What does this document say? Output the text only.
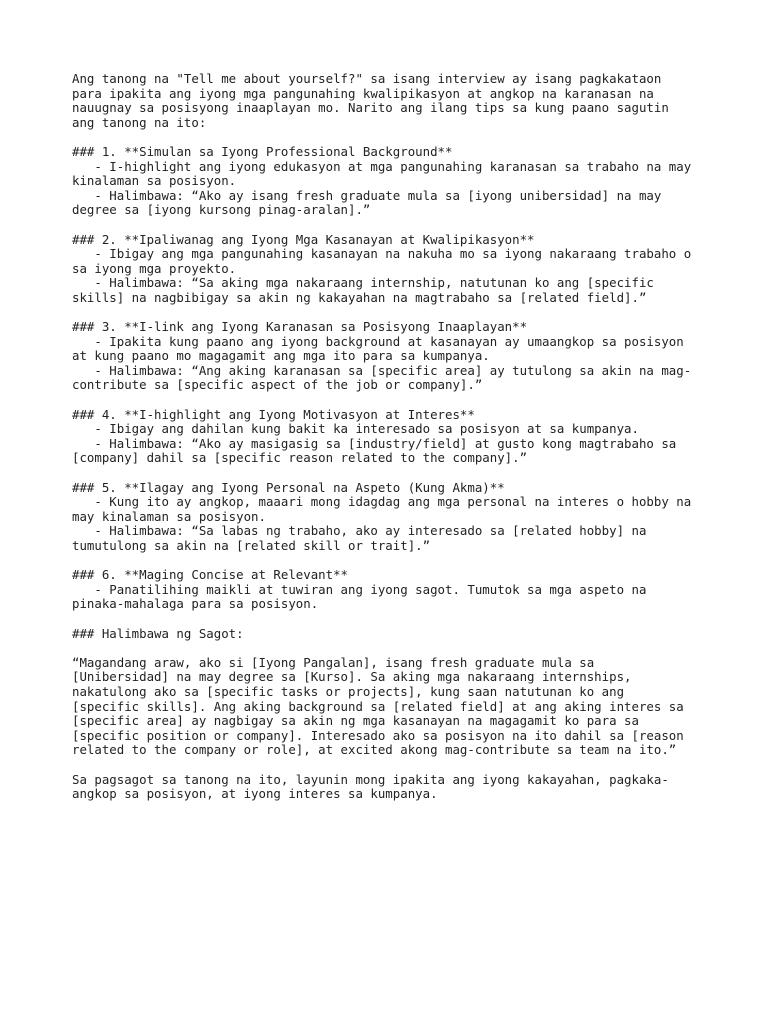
Ang tanong na "Tell me about yourself?" sa isang interview ay isang pagkakataon
para ipakita ang iyong mga pangunahing kwalipikasyon at angkop na karanasan na
nauugnay sa posisyong inaaplayan mo. Narito ang ilang tips sa kung paano sagutin
ang tanong na ito:
### 1. **Simulan sa Iyong Professional Background**
- I-highlight ang iyong edukasyon at mga pangunahing karanasan sa trabaho na may
kinalaman sa posisyon.
- Halimbawa: “Ako ay isang fresh graduate mula sa [iyong unibersidad] na may
degree sa [iyong kursong pinag-aralan].”
### 2. **Ipaliwanag ang Iyong Mga Kasanayan at Kwalipikasyon**
- Ibigay ang mga pangunahing kasanayan na nakuha mo sa iyong nakaraang trabaho o
sa iyong mga proyekto.
- Halimbawa: “Sa aking mga nakaraang internship, natutunan ko ang [specific
skills] na nagbibigay sa akin ng kakayahan na magtrabaho sa [related field].”
### 3. **I-link ang Iyong Karanasan sa Posisyong Inaaplayan**
- Ipakita kung paano ang iyong background at kasanayan ay umaangkop sa posisyon
at kung paano mo magagamit ang mga ito para sa kumpanya.
- Halimbawa: “Ang aking karanasan sa [specific area] ay tutulong sa akin na mag-
contribute sa [specific aspect of the job or company].”
### 4. **I-highlight ang Iyong Motivasyon at Interes**
- Ibigay ang dahilan kung bakit ka interesado sa posisyon at sa kumpanya.
- Halimbawa: “Ako ay masigasig sa [industry/field] at gusto kong magtrabaho sa
[company] dahil sa [specific reason related to the company].”
### 5. **Ilagay ang Iyong Personal na Aspeto (Kung Akma)**
- Kung ito ay angkop, maaari mong idagdag ang mga personal na interes o hobby na
may kinalaman sa posisyon.
- Halimbawa: “Sa labas ng trabaho, ako ay interesado sa [related hobby] na
tumutulong sa akin na [related skill or trait].”
### 6. **Maging Concise at Relevant**
- Panatilihing maikli at tuwiran ang iyong sagot. Tumutok sa mga aspeto na
pinaka-mahalaga para sa posisyon.
### Halimbawa ng Sagot:
“Magandang araw, ako si [Iyong Pangalan], isang fresh graduate mula sa
[Unibersidad] na may degree sa [Kurso]. Sa aking mga nakaraang internships,
nakatulong ako sa [specific tasks or projects], kung saan natutunan ko ang
[specific skills]. Ang aking background sa [related field] at ang aking interes sa
[specific area] ay nagbigay sa akin ng mga kasanayan na magagamit ko para sa
[specific position or company]. Interesado ako sa posisyon na ito dahil sa [reason
related to the company or role], at excited akong mag-contribute sa team na ito.”
Sa pagsagot sa tanong na ito, layunin mong ipakita ang iyong kakayahan, pagkaka-
angkop sa posisyon, at iyong interes sa kumpanya.
